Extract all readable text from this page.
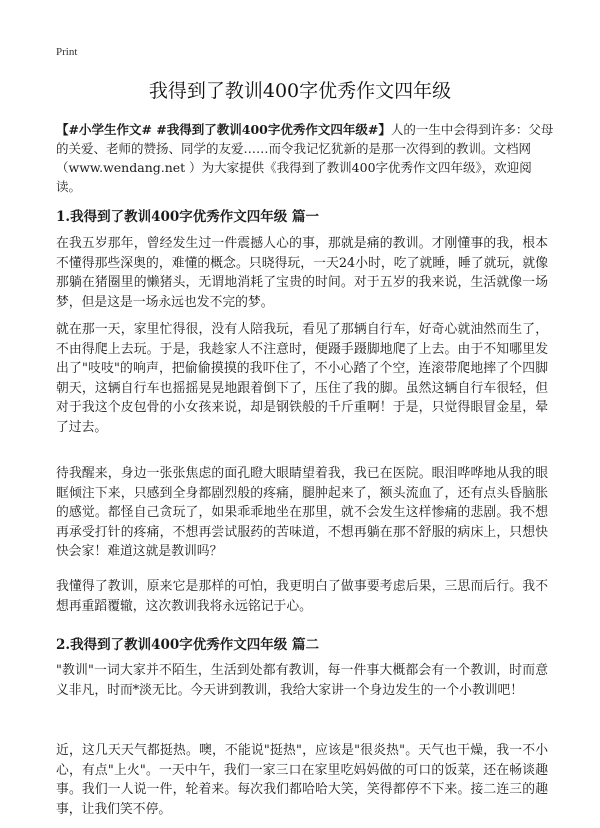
Print
我得到了教训400字优秀作文四年级

【#小学生作文# #我得到了教训400字优秀作文四年级#】人的一生中会得到许多：父母的关爱、老师的赞扬、同学的友爱……而令我记忆犹新的是那一次得到的教训。文档网（www.wendang.net ）为大家提供《我得到了教训400字优秀作文四年级》，欢迎阅读。

1.我得到了教训400字优秀作文四年级 篇一

在我五岁那年，曾经发生过一件震撼人心的事，那就是痛的教训。才刚懂事的我，根本不懂得那些深奥的，难懂的概念。只晓得玩，一天24小时，吃了就睡，睡了就玩，就像那躺在猪圈里的懒猪头，无谓地消耗了宝贵的时间。对于五岁的我来说，生活就像一场梦，但是这是一场永远也发不完的梦。

就在那一天，家里忙得很，没有人陪我玩，看见了那辆自行车，好奇心就油然而生了，不由得爬上去玩。于是，我趁家人不注意时，便蹑手蹑脚地爬了上去。由于不知哪里发出了"吱吱"的响声，把偷偷摸摸的我吓住了，不小心踏了个空，连滚带爬地摔了个四脚朝天，这辆自行车也摇摇晃晃地跟着倒下了，压住了我的脚。虽然这辆自行车很轻，但对于我这个皮包骨的小女孩来说，却是钢铁般的千斤重啊！于是，只觉得眼冒金星，晕了过去。

待我醒来，身边一张张焦虑的面孔瞪大眼睛望着我，我已在医院。眼泪哗哗地从我的眼眶倾注下来，只感到全身都剧烈般的疼痛，腿肿起来了，额头流血了，还有点头昏脑胀的感觉。都怪自己贪玩了，如果乖乖地坐在那里，就不会发生这样惨痛的悲剧。我不想再承受打针的疼痛，不想再尝试服药的苦味道，不想再躺在那不舒服的病床上，只想快快会家！难道这就是教训吗？

我懂得了教训，原来它是那样的可怕，我更明白了做事要考虑后果，三思而后行。我不想再重蹈覆辙，这次教训我将永远铭记于心。

2.我得到了教训400字优秀作文四年级 篇二

"教训"一词大家并不陌生，生活到处都有教训，每一件事大概都会有一个教训，时而意义非凡，时而*淡无比。今天讲到教训，我给大家讲一个身边发生的一个小教训吧！

近，这几天天气都挺热。噢，不能说"挺热"，应该是"很炎热"。天气也干燥，我一不小心，有点"上火"。一天中午，我们一家三口在家里吃妈妈做的可口的饭菜，还在畅谈趣事。我们一人说一件，轮着来。每次我们都哈哈大笑，笑得都停不下来。接二连三的趣事，让我们笑不停。
